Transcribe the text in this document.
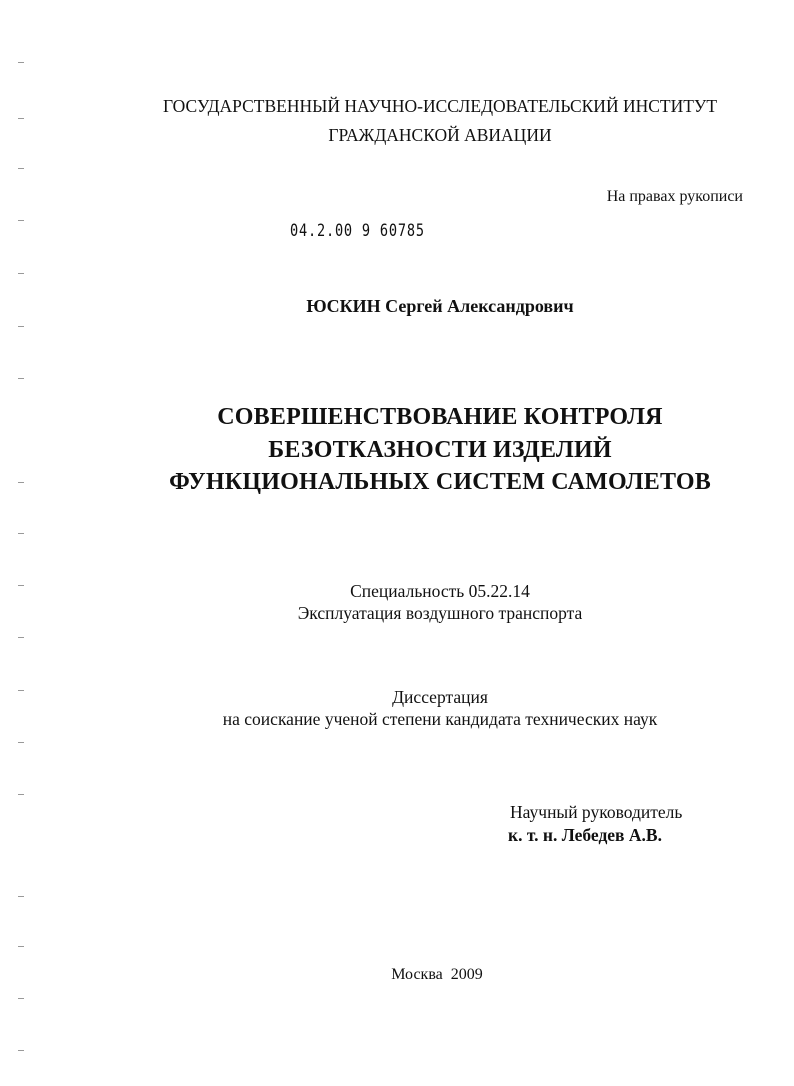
ГОСУДАРСТВЕННЫЙ НАУЧНО-ИССЛЕДОВАТЕЛЬСКИЙ ИНСТИТУТ
ГРАЖДАНСКОЙ АВИАЦИИ
На правах рукописи
04.2.00 9 60785
ЮСКИН Сергей Александрович
СОВЕРШЕНСТВОВАНИЕ КОНТРОЛЯ
БЕЗОТКАЗНОСТИ ИЗДЕЛИЙ
ФУНКЦИОНАЛЬНЫХ СИСТЕМ САМОЛЕТОВ
Специальность 05.22.14
Эксплуатация воздушного транспорта
Диссертация
на соискание ученой степени кандидата технических наук
Научный руководитель
к. т. н. Лебедев А.В.
Москва  2009
